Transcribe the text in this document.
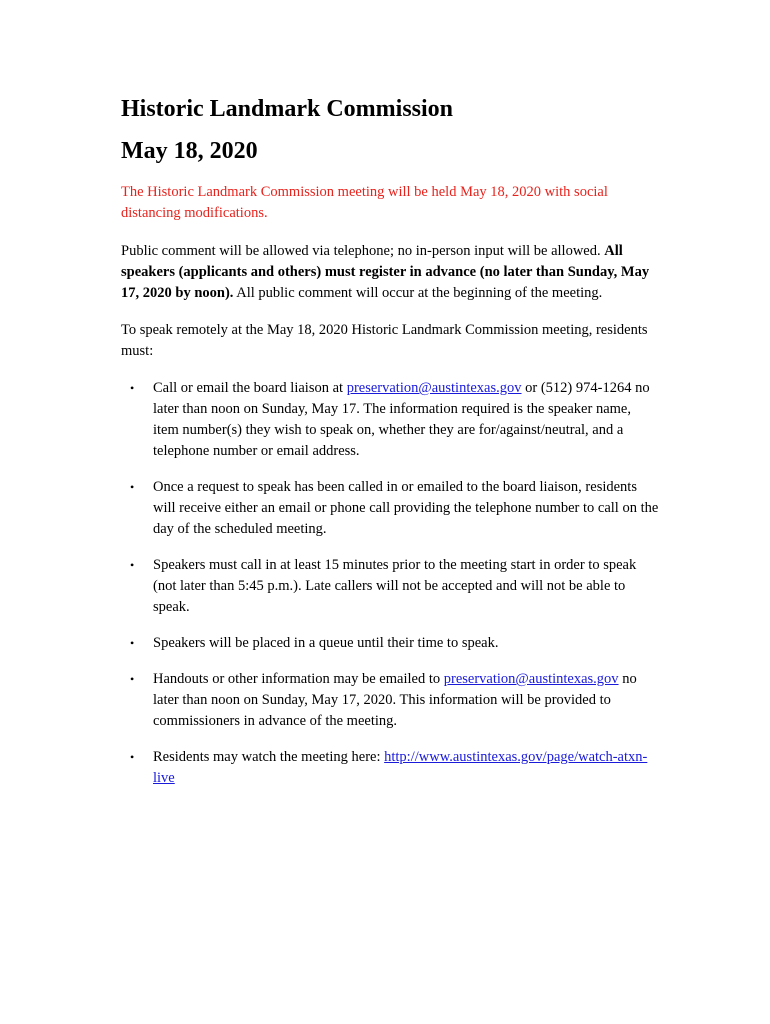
Historic Landmark Commission
May 18, 2020

The Historic Landmark Commission meeting will be held May 18, 2020 with social distancing modifications.

Public comment will be allowed via telephone; no in-person input will be allowed. All speakers (applicants and others) must register in advance (no later than Sunday, May 17, 2020 by noon). All public comment will occur at the beginning of the meeting.

To speak remotely at the May 18, 2020 Historic Landmark Commission meeting, residents must:

• Call or email the board liaison at preservation@austintexas.gov or (512) 974-1264 no later than noon on Sunday, May 17. The information required is the speaker name, item number(s) they wish to speak on, whether they are for/against/neutral, and a telephone number or email address.
• Once a request to speak has been called in or emailed to the board liaison, residents will receive either an email or phone call providing the telephone number to call on the day of the scheduled meeting.
• Speakers must call in at least 15 minutes prior to the meeting start in order to speak (not later than 5:45 p.m.). Late callers will not be accepted and will not be able to speak.
• Speakers will be placed in a queue until their time to speak.
• Handouts or other information may be emailed to preservation@austintexas.gov no later than noon on Sunday, May 17, 2020. This information will be provided to commissioners in advance of the meeting.
• Residents may watch the meeting here: http://www.austintexas.gov/page/watch-atxn-live
